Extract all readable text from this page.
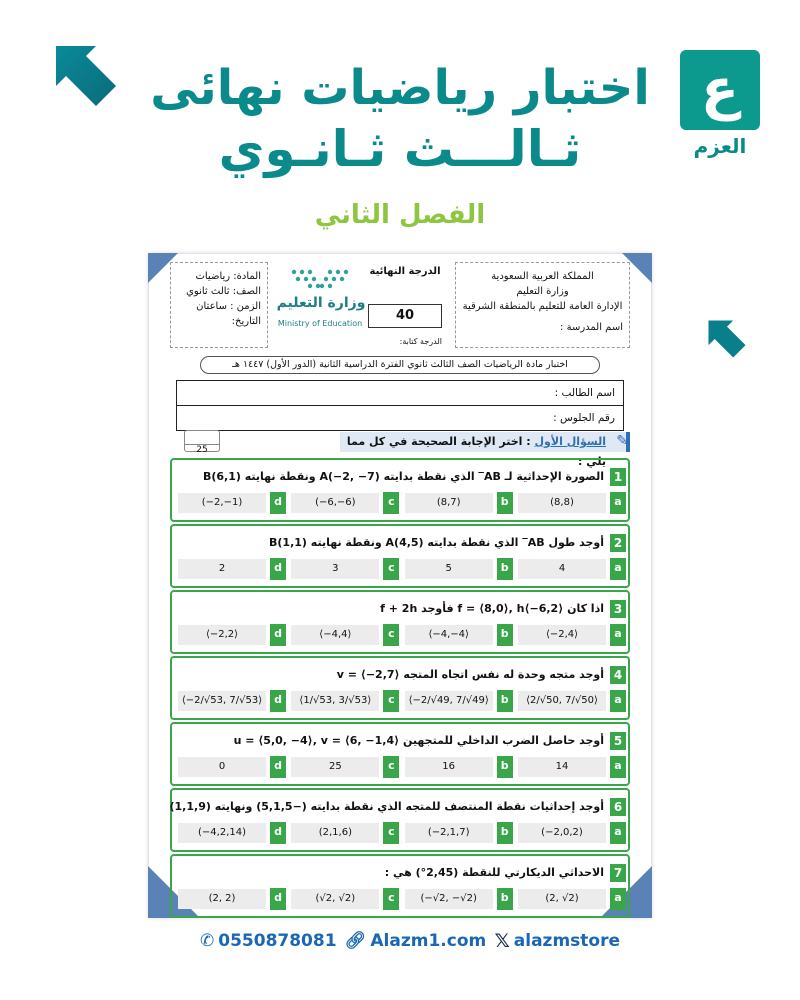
اختبار رياضيات نهائى
ثـالـــث ثـانـوي
الفصل الثاني
ع
العزم
المملكة العربية السعودية
وزارة التعليم
الإدارة العامة للتعليم بالمنطقة الشرقية
اسم المدرسة :
الدرجة النهائية
40
الدرجة كتابة:
وزارة التعليم
Ministry of Education
المادة: رياضيات
الصف: ثالث ثانوي
الزمن : ساعتان
التاريخ:
اختبار مادة الرياضيات الصف الثالث ثانوي الفترة الدراسية الثانية (الدور الأول) ١٤٤٧ هـ
اسم الطالب :
رقم الجلوس :
25
السؤال الأول : اختر الإجابة الصحيحة في كل مما يلي :
✎
1
الصورة الإحداثية لـ AB‾ الذي نقطة بدايته A(−2, −7) ونقطة نهايته B(6,1)
a
(8,8)
b
(8,7)
c
(−6,−6)
d
(−2,−1)
2
أوجد طول AB‾ الذي نقطة بدايته A(4,5) ونقطة نهايته B(1,1)
a
4
b
5
c
3
d
2
3
اذا كان f = ⟨8,0⟩, h⟨−6,2⟩ فأوجد f + 2h
a
⟨−2,4⟩
b
⟨−4,−4⟩
c
⟨−4,4⟩
d
⟨−2,2⟩
4
أوجد متجه وحدة له نفس اتجاه المتجه v = ⟨−2,7⟩
a
⟨2/√50, 7/√50⟩
b
⟨−2/√49, 7/√49⟩
c
⟨1/√53, 3/√53⟩
d
⟨−2/√53, 7/√53⟩
5
أوجد حاصل الضرب الداخلي للمتجهين u = ⟨5,0, −4⟩, v = ⟨6, −1,4⟩
a
14
b
16
c
25
d
0
6
أوجد إحداثيات نقطة المنتصف للمتجه الذي نقطة بدايته (−5,1,5) ونهايته (1,1,9)
a
(−2,0,2)
b
(−2,1,7)
c
(2,1,6)
d
(−4,2,14)
7
الاحداثي الديكارتي للنقطة (2,45°) هي :
a
(2, √2)
b
(−√2, −√2)
c
(√2, √2)
d
(2, 2)
✆ 0550878081 🔗︎ Alazm1.com 𝕏 alazmstore
